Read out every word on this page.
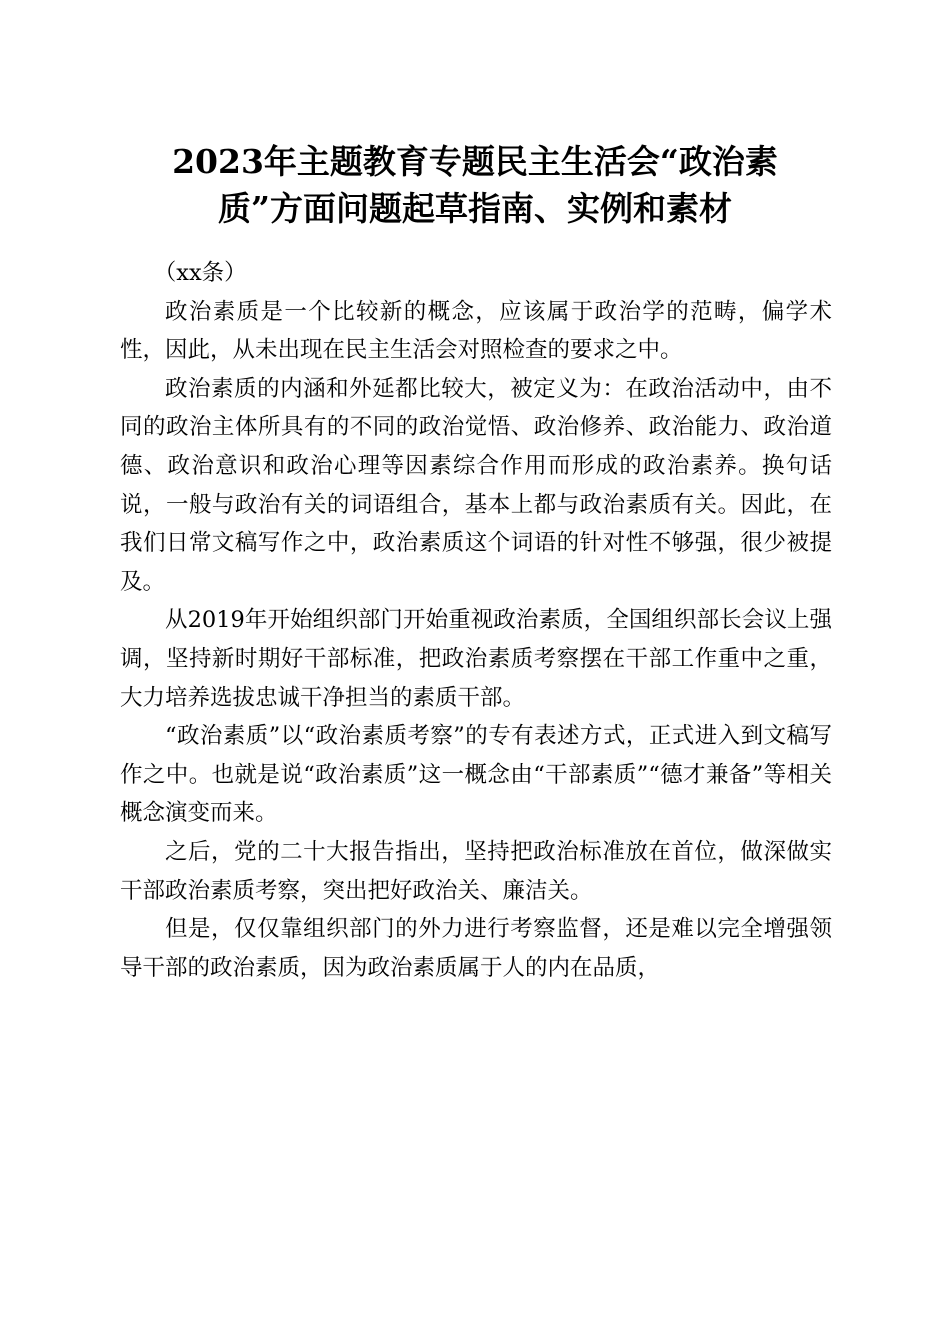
2023年主题教育专题民主生活会“政治素
质”方面问题起草指南、实例和素材

（xx条）

政治素质是一个比较新的概念，应该属于政治学的范畴，偏学术性，因此，从未出现在民主生活会对照检查的要求之中。

政治素质的内涵和外延都比较大，被定义为：在政治活动中，由不同的政治主体所具有的不同的政治觉悟、政治修养、政治能力、政治道德、政治意识和政治心理等因素综合作用而形成的政治素养。换句话说，一般与政治有关的词语组合，基本上都与政治素质有关。因此，在我们日常文稿写作之中，政治素质这个词语的针对性不够强，很少被提及。

从2019年开始组织部门开始重视政治素质，全国组织部长会议上强调，坚持新时期好干部标准，把政治素质考察摆在干部工作重中之重，大力培养选拔忠诚干净担当的素质干部。

“政治素质”以“政治素质考察”的专有表述方式，正式进入到文稿写作之中。也就是说“政治素质”这一概念由“干部素质”“德才兼备”等相关概念演变而来。

之后，党的二十大报告指出，坚持把政治标准放在首位，做深做实干部政治素质考察，突出把好政治关、廉洁关。

但是，仅仅靠组织部门的外力进行考察监督，还是难以完全增强领导干部的政治素质，因为政治素质属于人的内在品质，
